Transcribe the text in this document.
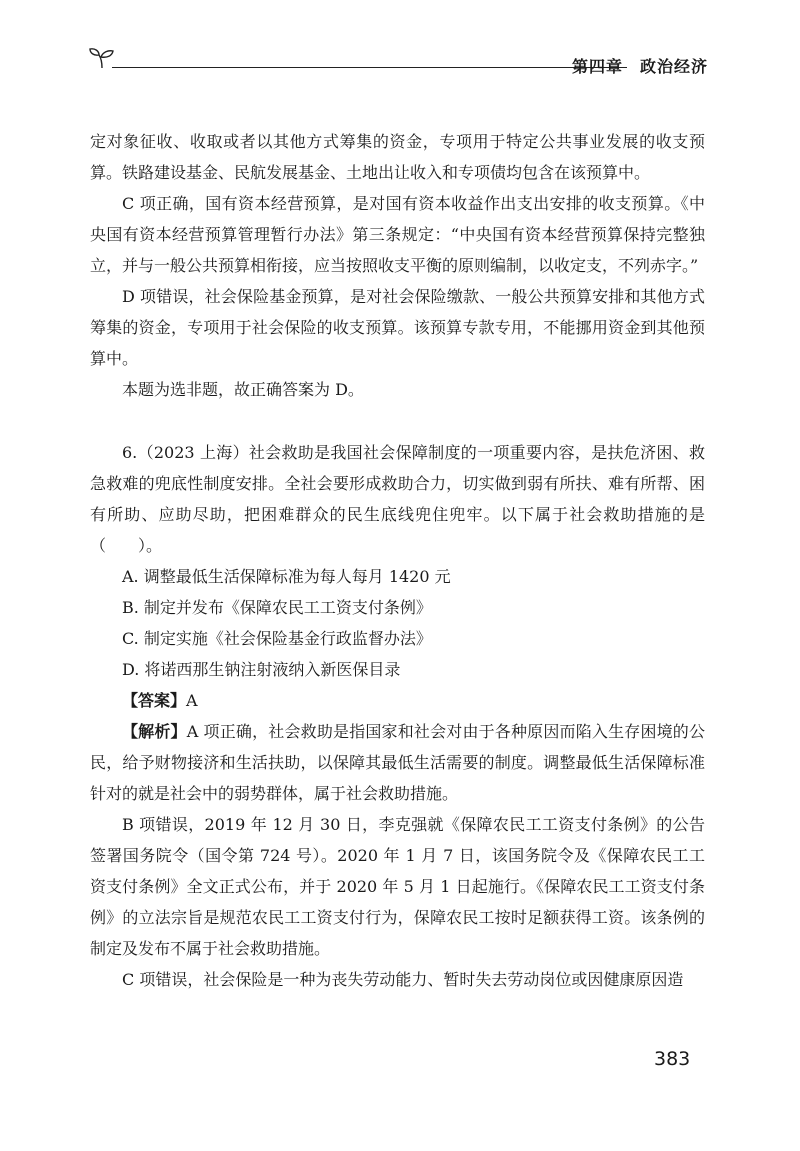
第四章　政治经济

定对象征收、收取或者以其他方式筹集的资金，专项用于特定公共事业发展的收支预算。铁路建设基金、民航发展基金、土地出让收入和专项债均包含在该预算中。

C 项正确，国有资本经营预算，是对国有资本收益作出支出安排的收支预算。《中央国有资本经营预算管理暂行办法》第三条规定：“中央国有资本经营预算保持完整独立，并与一般公共预算相衔接，应当按照收支平衡的原则编制，以收定支，不列赤字。”

D 项错误，社会保险基金预算，是对社会保险缴款、一般公共预算安排和其他方式筹集的资金，专项用于社会保险的收支预算。该预算专款专用，不能挪用资金到其他预算中。

本题为选非题，故正确答案为 D。

6.（2023 上海）社会救助是我国社会保障制度的一项重要内容，是扶危济困、救急救难的兜底性制度安排。全社会要形成救助合力，切实做到弱有所扶、难有所帮、困有所助、应助尽助，把困难群众的民生底线兜住兜牢。以下属于社会救助措施的是（　　）。

A. 调整最低生活保障标准为每人每月 1420 元

B. 制定并发布《保障农民工工资支付条例》

C. 制定实施《社会保险基金行政监督办法》

D. 将诺西那生钠注射液纳入新医保目录

【答案】A

【解析】A 项正确，社会救助是指国家和社会对由于各种原因而陷入生存困境的公民，给予财物接济和生活扶助，以保障其最低生活需要的制度。调整最低生活保障标准针对的就是社会中的弱势群体，属于社会救助措施。

B 项错误，2019 年 12 月 30 日，李克强就《保障农民工工资支付条例》的公告签署国务院令（国令第 724 号）。2020 年 1 月 7 日，该国务院令及《保障农民工工资支付条例》全文正式公布，并于 2020 年 5 月 1 日起施行。《保障农民工工资支付条例》的立法宗旨是规范农民工工资支付行为，保障农民工按时足额获得工资。该条例的制定及发布不属于社会救助措施。

C 项错误，社会保险是一种为丧失劳动能力、暂时失去劳动岗位或因健康原因造

383
